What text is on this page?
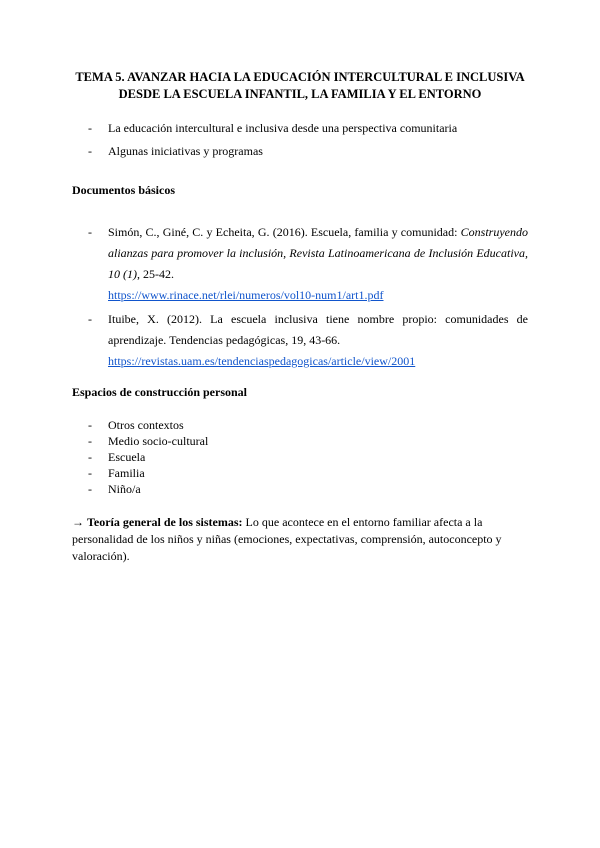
TEMA 5. AVANZAR HACIA LA EDUCACIÓN INTERCULTURAL E INCLUSIVA
DESDE LA ESCUELA INFANTIL, LA FAMILIA Y EL ENTORNO
- La educación intercultural e inclusiva desde una perspectiva comunitaria
- Algunas iniciativas y programas
Documentos básicos
- Simón, C., Giné, C. y Echeita, G. (2016). Escuela, familia y comunidad: Construyendo alianzas para promover la inclusión, Revista Latinoamericana de Inclusión Educativa, 10 (1), 25-42.
https://www.rinace.net/rlei/numeros/vol10-num1/art1.pdf
- Ituibe, X. (2012). La escuela inclusiva tiene nombre propio: comunidades de aprendizaje. Tendencias pedagógicas, 19, 43-66.
https://revistas.uam.es/tendenciaspedagogicas/article/view/2001
Espacios de construcción personal
- Otros contextos
- Medio socio-cultural
- Escuela
- Familia
- Niño/a
→ Teoría general de los sistemas: Lo que acontece en el entorno familiar afecta a la personalidad de los niños y niñas (emociones, expectativas, comprensión, autoconcepto y valoración).
